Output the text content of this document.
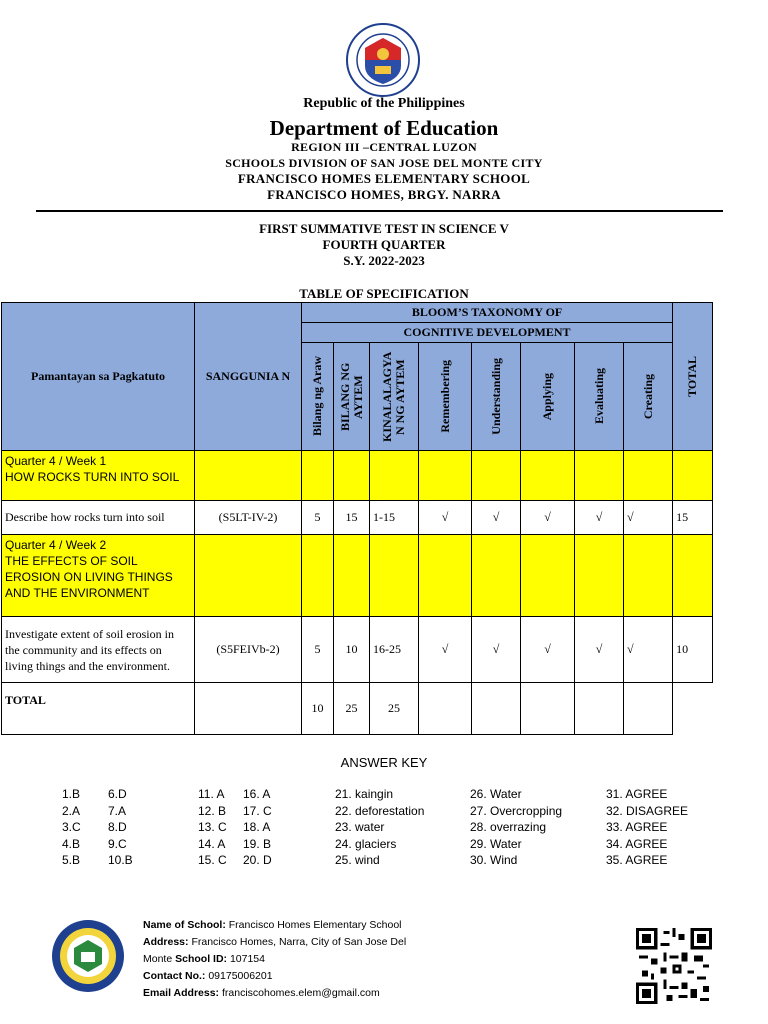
Republic of the Philippines
Department of Education
REGION III –CENTRAL LUZON
SCHOOLS DIVISION OF SAN JOSE DEL MONTE CITY
FRANCISCO HOMES ELEMENTARY SCHOOL
FRANCISCO HOMES, BRGY. NARRA
FIRST SUMMATIVE TEST IN SCIENCE V
FOURTH QUARTER
S.Y. 2022-2023
TABLE OF SPECIFICATION
Pamantayan sa Pagkatuto	SANGGUNIA N	BLOOM’S TAXONOMY OF								TOTAL

		COGNITIVE DEVELOPMENT								

		Bilang ng Araw	BILANG NG AYTEM	KINALALAGYA N NG AYTEM	Remembering	Understanding	Applying	Evaluating	Creating	

Quarter 4 / Week 1
HOW ROCKS TURN INTO SOIL										
Describe how rocks turn into soil	(S5LT-IV-2)	5	15	1-15	√	√	√	√	√	15
Quarter 4 / Week 2
THE EFFECTS OF SOIL EROSION ON LIVING THINGS AND THE ENVIRONMENT										
Investigate extent of soil erosion in the community and its effects on living things and the environment.	(S5FEIVb-2)	5	10	16-25	√	√	√	√	√	10
TOTAL		10	25	25						
ANSWER KEY
1.B
2.A
3.C
4.B
5.B
6.D
7.A
8.D
9.C
10.B
11. A
12. B
13. C
14. A
15. C
16. A
17. C
18. A
19. B
20. D
21. kaingin
22. deforestation
23. water
24. glaciers
25. wind
26. Water
27. Overcropping
28. overrazing
29. Water
30. Wind
31. AGREE
32. DISAGREE
33. AGREE
34. AGREE
35. AGREE
Name of School: Francisco Homes Elementary School
Address: Francisco Homes, Narra, City of San Jose Del
Monte School ID: 107154
Contact No.: 09175006201
Email Address: franciscohomes.elem@gmail.com
